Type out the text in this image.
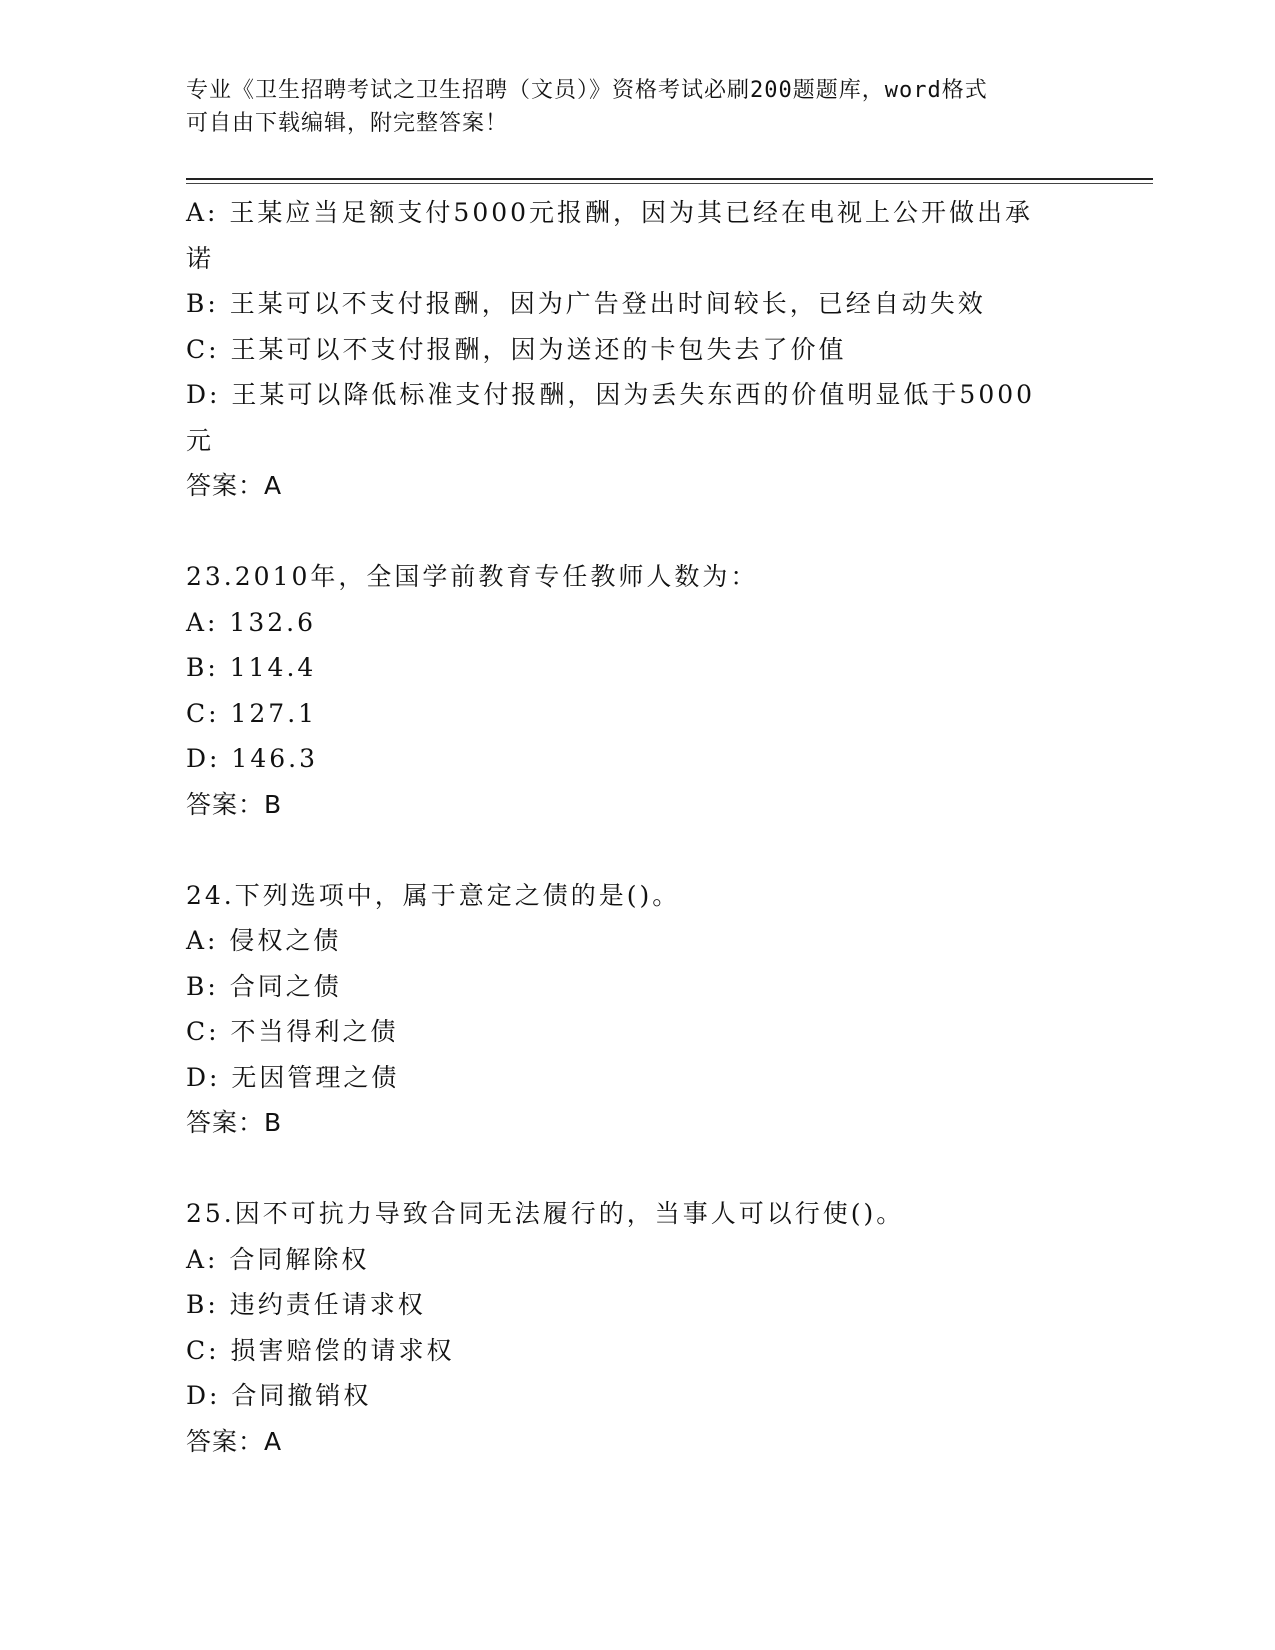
专业《卫生招聘考试之卫生招聘（文员）》资格考试必刷200题题库，word格式
可自由下载编辑，附完整答案！
A: 王某应当足额支付5000元报酬，因为其已经在电视上公开做出承
诺
B: 王某可以不支付报酬，因为广告登出时间较长，已经自动失效
C: 王某可以不支付报酬，因为送还的卡包失去了价值
D: 王某可以降低标准支付报酬，因为丢失东西的价值明显低于5000
元
答案：A
23.2010年，全国学前教育专任教师人数为：
A: 132.6
B: 114.4
C: 127.1
D: 146.3
答案：B
24.下列选项中，属于意定之债的是()。
A: 侵权之债
B: 合同之债
C: 不当得利之债
D: 无因管理之债
答案：B
25.因不可抗力导致合同无法履行的，当事人可以行使()。
A: 合同解除权
B: 违约责任请求权
C: 损害赔偿的请求权
D: 合同撤销权
答案：A
